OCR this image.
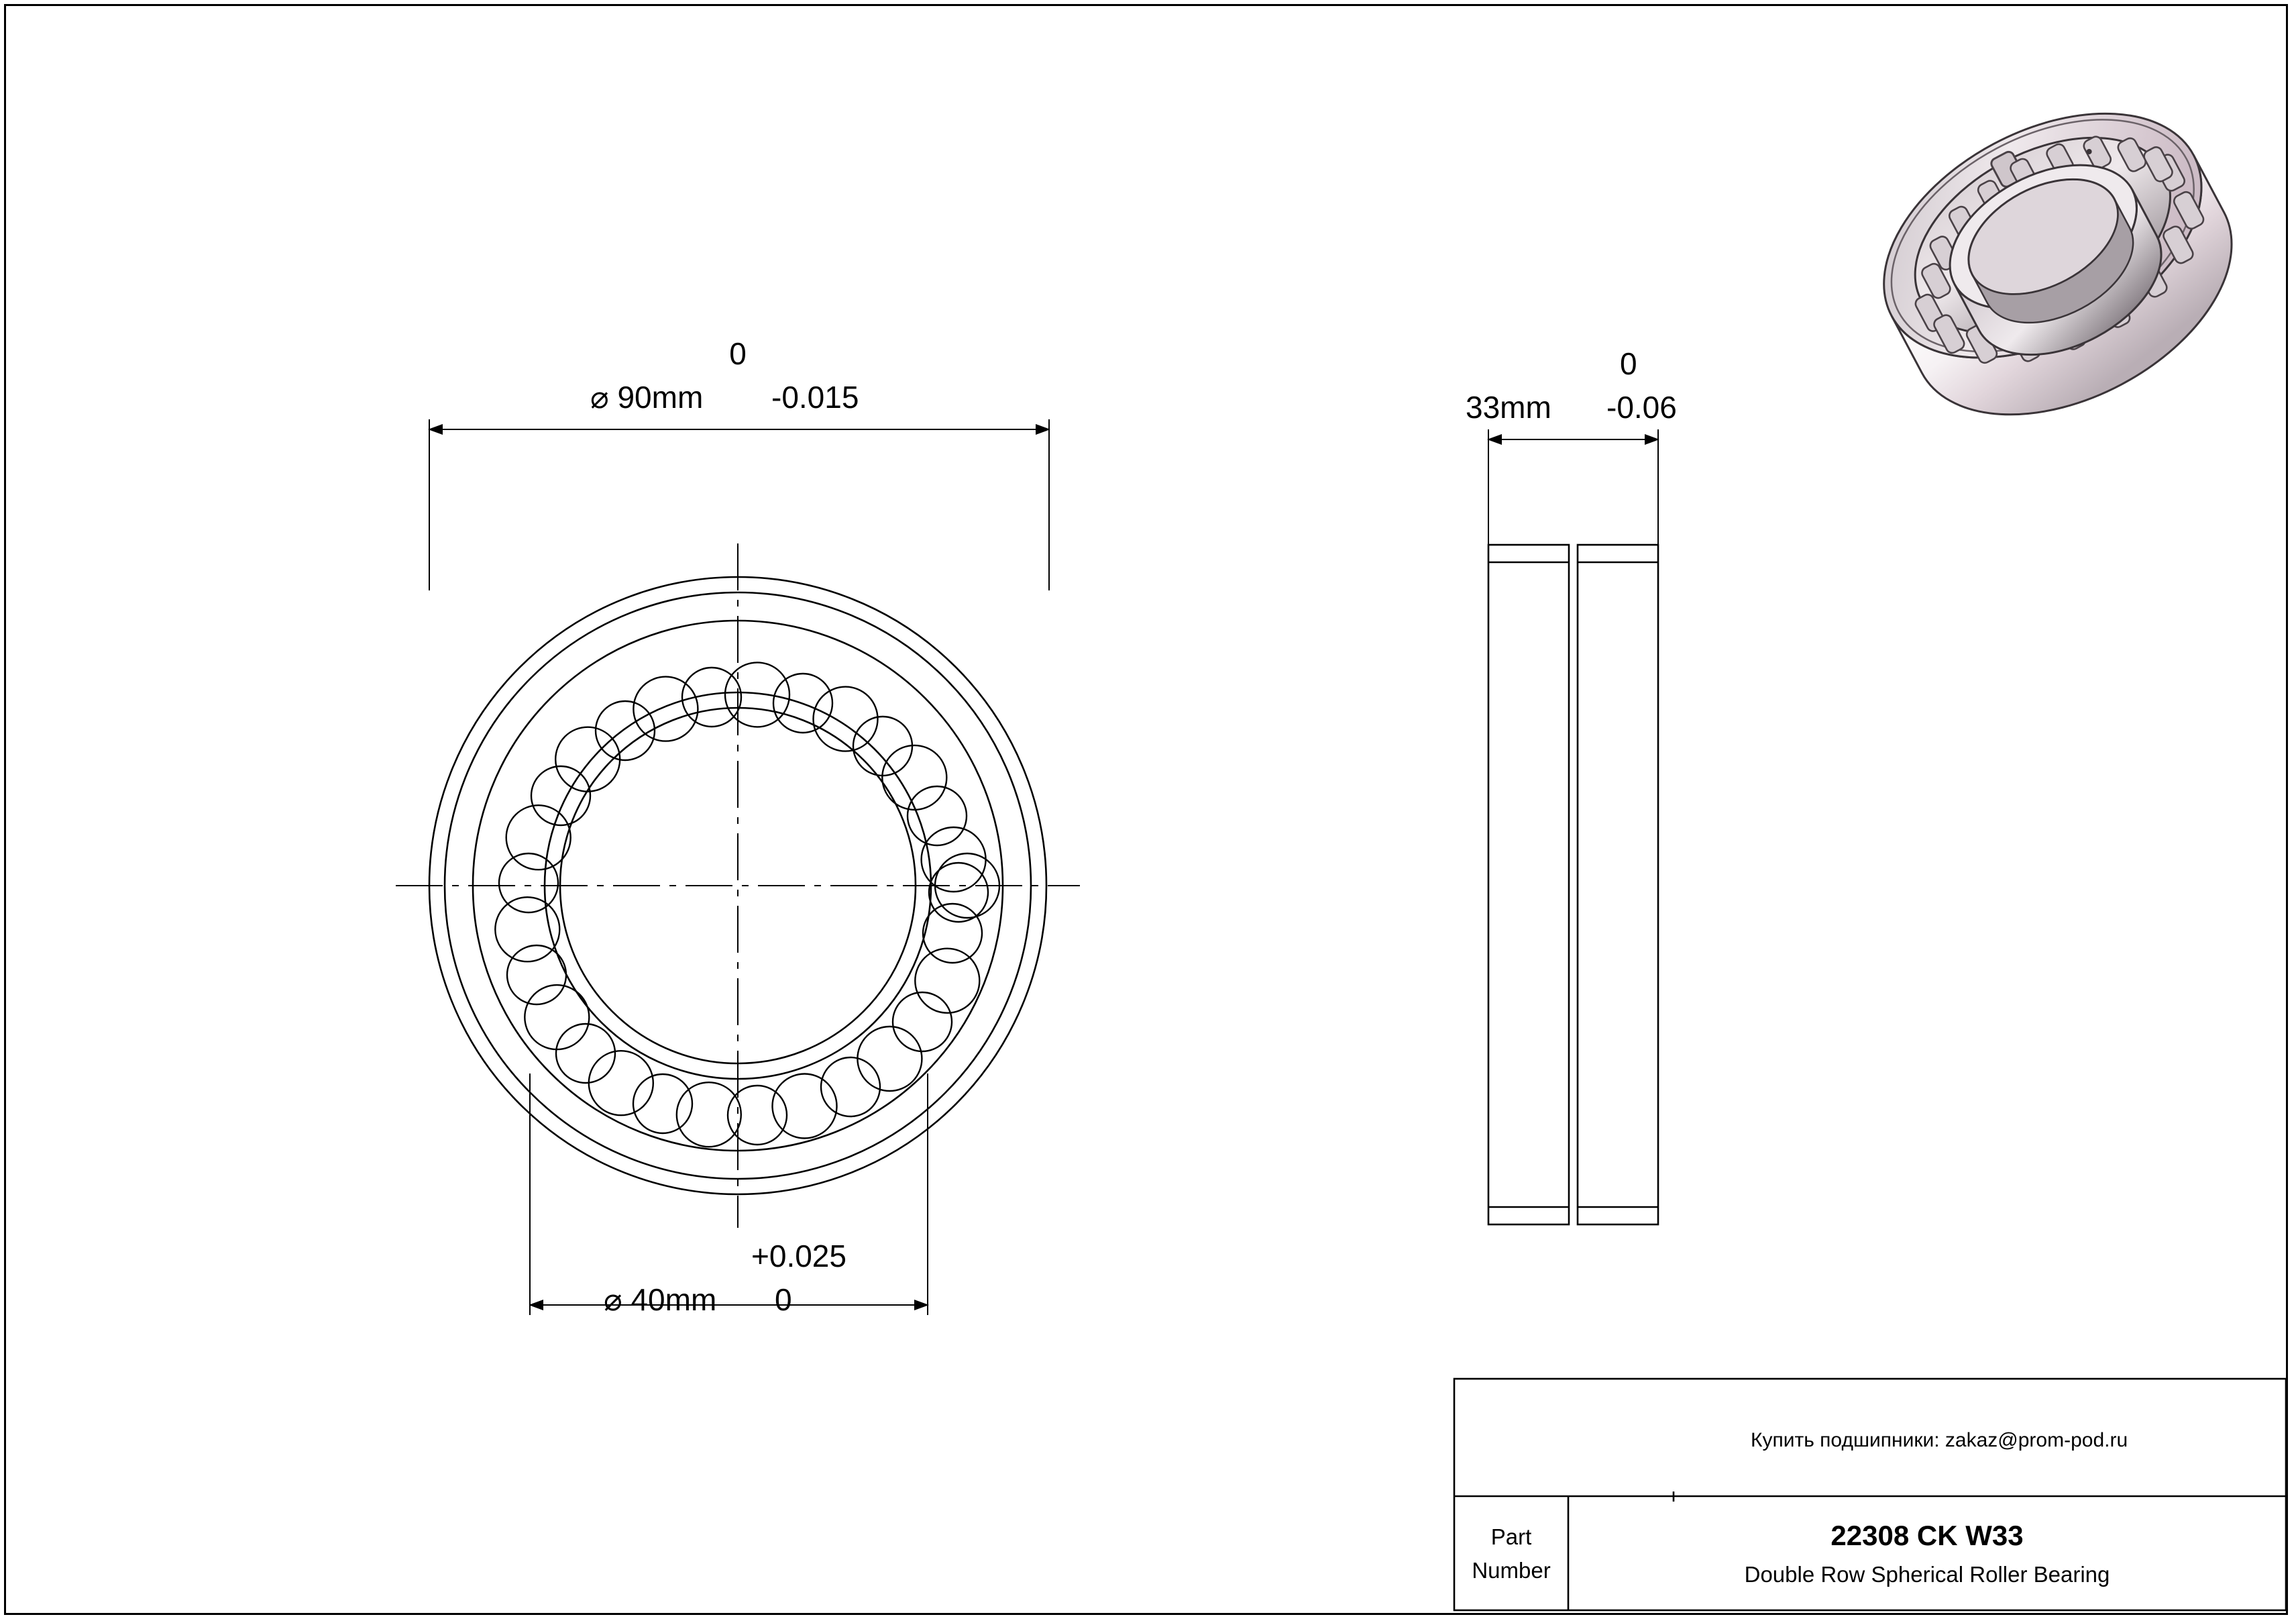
0
⌀ 90mm -0.015
+0.025
⌀ 40mm 0
0
33mm -0.06
Купить подшипники: zakaz@prom-pod.ru
Part
Number
22308 CK W33
Double Row Spherical Roller Bearing
